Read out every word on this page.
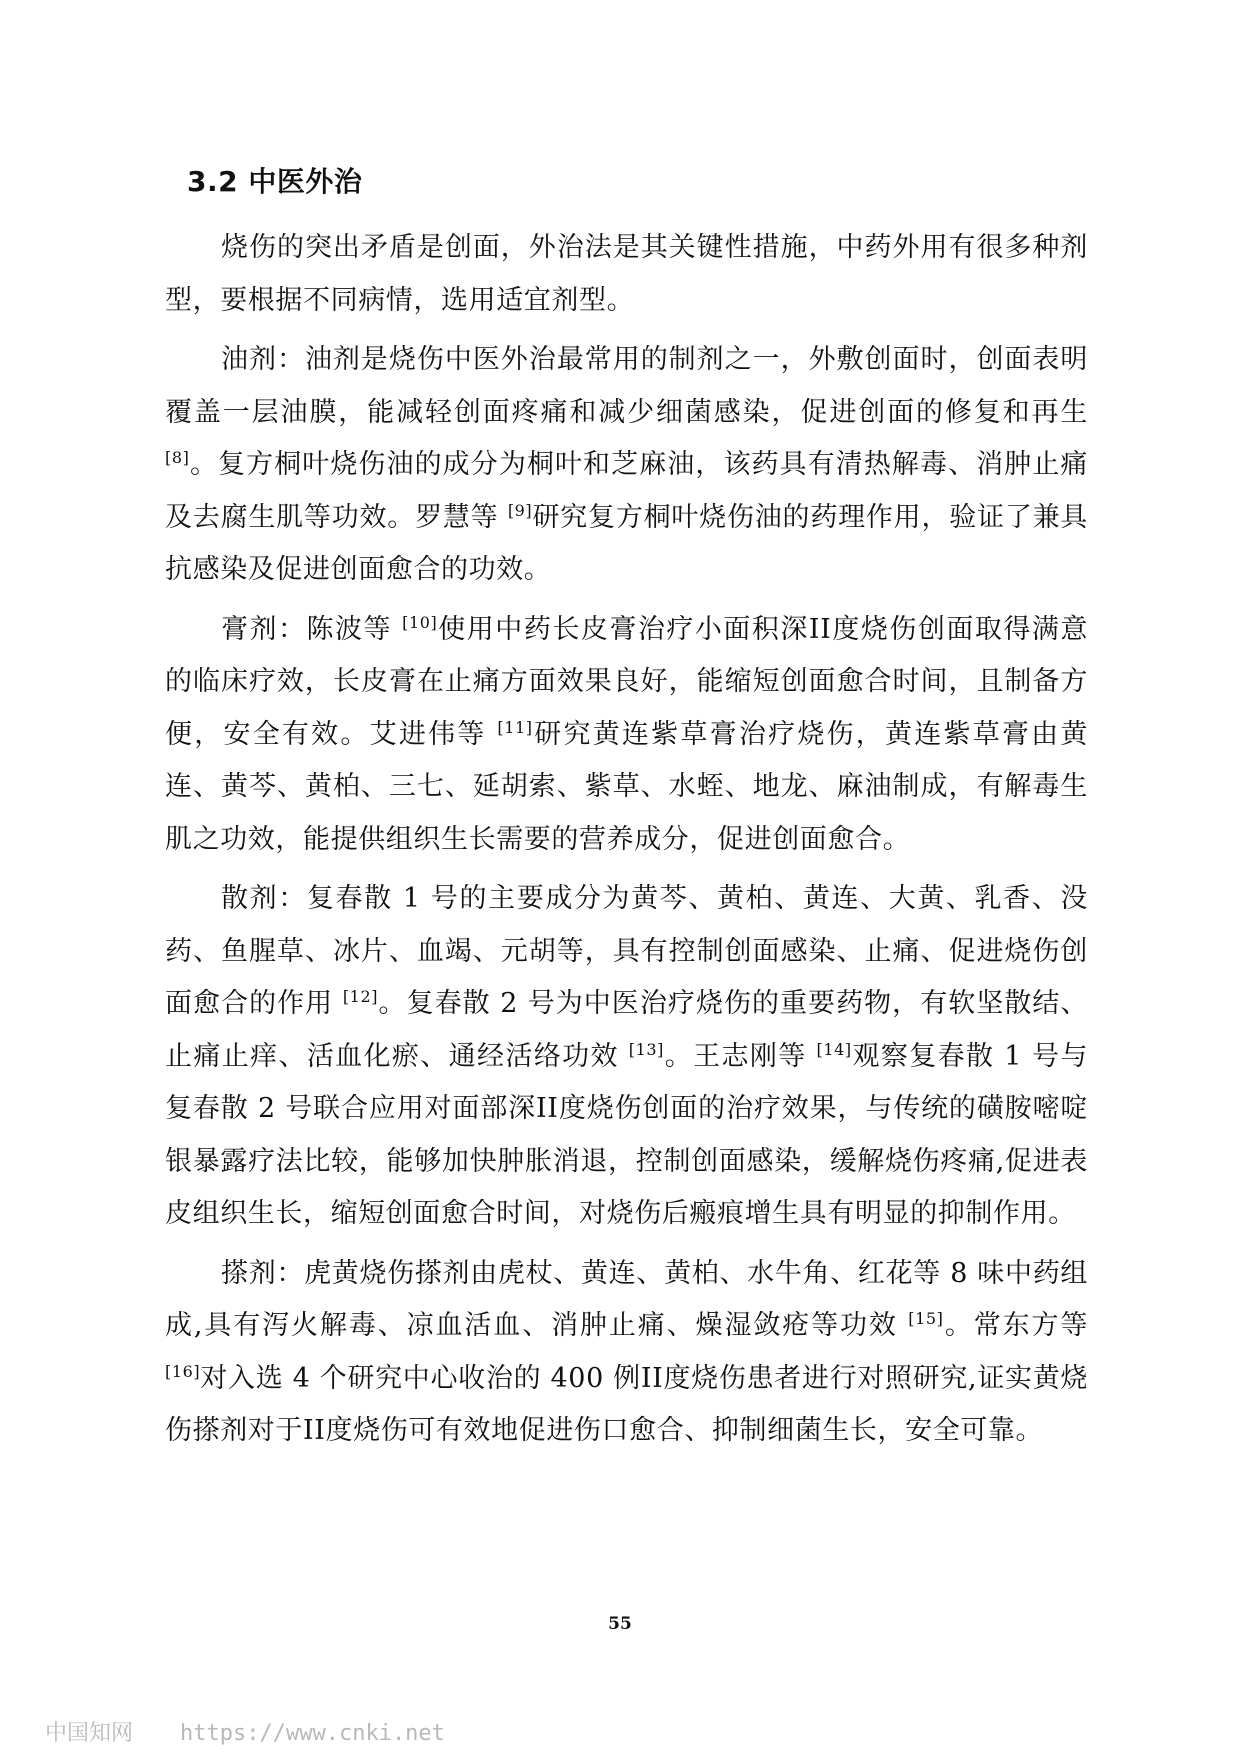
3.2 中医外治

烧伤的突出矛盾是创面，外治法是其关键性措施，中药外用有很多种剂型，要根据不同病情，选用适宜剂型。

油剂：油剂是烧伤中医外治最常用的制剂之一，外敷创面时，创面表明覆盖一层油膜，能减轻创面疼痛和减少细菌感染，促进创面的修复和再生 [8]。复方桐叶烧伤油的成分为桐叶和芝麻油，该药具有清热解毒、消肿止痛及去腐生肌等功效。罗慧等 [9]研究复方桐叶烧伤油的药理作用，验证了兼具抗感染及促进创面愈合的功效。

膏剂：陈波等 [10]使用中药长皮膏治疗小面积深II度烧伤创面取得满意的临床疗效，长皮膏在止痛方面效果良好，能缩短创面愈合时间，且制备方便，安全有效。艾进伟等 [11]研究黄连紫草膏治疗烧伤，黄连紫草膏由黄连、黄芩、黄柏、三七、延胡索、紫草、水蛭、地龙、麻油制成，有解毒生肌之功效，能提供组织生长需要的营养成分，促进创面愈合。

散剂：复春散 1 号的主要成分为黄芩、黄柏、黄连、大黄、乳香、没药、鱼腥草、冰片、血竭、元胡等，具有控制创面感染、止痛、促进烧伤创面愈合的作用 [12]。复春散 2 号为中医治疗烧伤的重要药物，有软坚散结、止痛止痒、活血化瘀、通经活络功效 [13]。王志刚等 [14]观察复春散 1 号与复春散 2 号联合应用对面部深II度烧伤创面的治疗效果，与传统的磺胺嘧啶银暴露疗法比较，能够加快肿胀消退，控制创面感染，缓解烧伤疼痛,促进表皮组织生长，缩短创面愈合时间，对烧伤后瘢痕增生具有明显的抑制作用。

搽剂：虎黄烧伤搽剂由虎杖、黄连、黄柏、水牛角、红花等 8 味中药组成,具有泻火解毒、凉血活血、消肿止痛、燥湿敛疮等功效 [15]。常东方等 [16]对入选 4 个研究中心收治的 400 例II度烧伤患者进行对照研究,证实黄烧伤搽剂对于II度烧伤可有效地促进伤口愈合、抑制细菌生长，安全可靠。

55
中国知网 https://www.cnki.net
